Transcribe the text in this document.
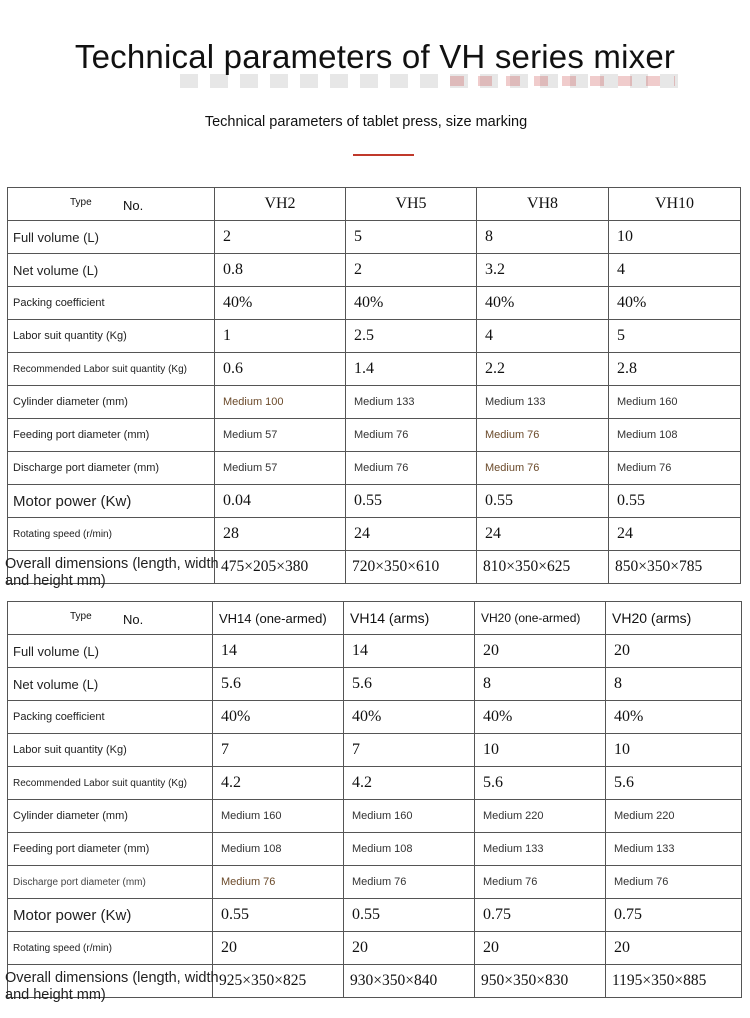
Technical parameters of VH series mixer
Technical parameters of tablet press, size marking
Type No.	VH2	VH5	VH8	VH10
Full volume (L)	2	5	8	10
Net volume (L)	0.8	2	3.2	4
Packing coefficient	40%	40%	40%	40%
Labor suit quantity (Kg)	1	2.5	4	5
Recommended Labor suit quantity (Kg)	0.6	1.4	2.2	2.8
Cylinder diameter (mm)	Medium 100	Medium 133	Medium 133	Medium 160
Feeding port diameter (mm)	Medium 57	Medium 76	Medium 76	Medium 108
Discharge port diameter (mm)	Medium 57	Medium 76	Medium 76	Medium 76
Motor power (Kw)	0.04	0.55	0.55	0.55
Rotating speed (r/min)	28	24	24	24

Overall dimensions (length, width and height mm)	475×205×380	720×350×610	810×350×625	850×350×785
Type No.	VH14 (one-armed)	VH14 (arms)	VH20 (one-armed)	VH20 (arms)
Full volume (L)	14	14	20	20
Net volume (L)	5.6	5.6	8	8
Packing coefficient	40%	40%	40%	40%
Labor suit quantity (Kg)	7	7	10	10
Recommended Labor suit quantity (Kg)	4.2	4.2	5.6	5.6
Cylinder diameter (mm)	Medium 160	Medium 160	Medium 220	Medium 220
Feeding port diameter (mm)	Medium 108	Medium 108	Medium 133	Medium 133
Discharge port diameter (mm)	Medium 76	Medium 76	Medium 76	Medium 76
Motor power (Kw)	0.55	0.55	0.75	0.75
Rotating speed (r/min)	20	20	20	20

Overall dimensions (length, width and height mm)	925×350×825	930×350×840	950×350×830	1195×350×885
